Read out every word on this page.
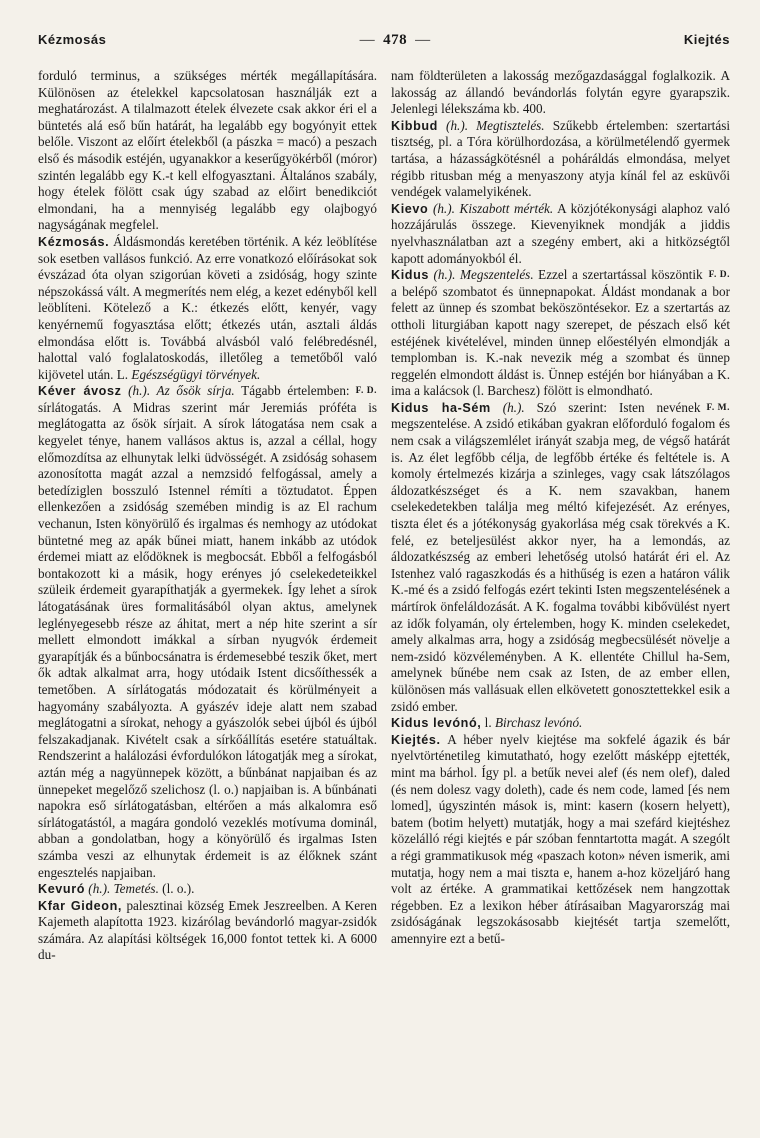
Kézmosás
—	478 —	Kiejtés

forduló terminus, a szükséges mérték megállapítására. Különösen az ételekkel kapcsolatosan használják ezt a meghatározást. A tilalmazott ételek élvezete csak akkor éri el a büntetés alá eső bűn határát, ha legalább egy bogyónyit ettek belőle. Viszont az előírt ételekből (a pászka = macó) a peszach első és második estéjén, ugyanakkor a keserűgyökérből (móror) szintén legalább egy K.-t kell elfogyasztani. Általános szabály, hogy ételek fölött csak úgy szabad az előirt benedikciót elmondani, ha a mennyiség legalább egy olajbogyó nagyságának megfelel.

Kézmosás. Áldásmondás keretében történik. A kéz leöblítése sok esetben vallásos funkció. Az erre vonatkozó előírásokat sok évszázad óta olyan szigorúan követi a zsidóság, hogy szinte népszokássá vált. A megmerítés nem elég, a kezet edényből kell leöblíteni. Kötelező a K.: étkezés előtt, kenyér, vagy kenyérnemű fogyasztása előtt; étkezés után, asztali áldás elmondása előtt is. Továbbá alvásból való felébredésnél, halottal való foglalatoskodás, illetőleg a temetőből való kijövetel után. L. Egészségügyi törvények.

F. D.
Kéver ávosz (h.). Az ősök sírja. Tágabb értelemben: sírlátogatás. A Midras szerint már Jeremiás próféta is meglátogatta az ősök sírjait. A sírok látogatása nem csak a kegyelet ténye, hanem vallásos aktus is, azzal a céllal, hogy előmozdítsa az elhunytak lelki üdvösségét. A zsidóság sohasem azonosította magát azzal a nemzsidó felfogással, amely a betedíziglen bosszuló Istennel rémíti a töztudatot. Éppen ellenkezően a zsidóság szemében mindig is az El rachum vechanun, Isten könyörülő és irgalmas és nemhogy az utódokat büntetné meg az apák bűnei miatt, hanem inkább az utódok érdemei miatt az elődöknek is megbocsát. Ebből a felfogásból bontakozott ki a másik, hogy erényes jó cselekedeteikkel szüleik érdemeit gyarapíthatják a gyermekek. Így lehet a sírok látogatásának üres formalitásából olyan aktus, amelynek leglényegesebb része az áhitat, mert a nép hite szerint a sír mellett elmondott imákkal a sírban nyugvók érdemeit gyarapítják és a bűnbocsánatra is érdemesebbé teszik őket, mert ők adtak alkalmat arra, hogy utódaik Istent dicsőíthessék a temetőben. A sírlátogatás módozatait és körülményeit a hagyomány szabályozta. A gyászév ideje alatt nem szabad meglátogatni a sírokat, nehogy a gyászolók sebei újból és újból felszakadjanak. Kivételt csak a sírkőállítás esetére statuáltak. Rendszerint a halálozási évfordulókon látogatják meg a sírokat, aztán még a nagyünnepek között, a bűnbánat napjaiban és az ünnepeket megelőző szelichosz (l. o.) napjaiban is. A bűnbánati napokra eső sírlátogatásban, eltérően a más alkalomra eső sírlátogatástól, a magára gondoló vezeklés motívuma dominál, abban a gondolatban, hogy a könyörülő és irgalmas Isten számba veszi az elhunytak érdemeit is az élőknek szánt engesztelés napjaiban.

Kevuró (h.). Temetés. (l. o.).

Kfar Gideon, palesztinai község Emek Jeszreelben. A Keren Kajemeth alapította 1923. kizárólag bevándorló magyar-zsidók számára. Az alapítási költségek 16,000 fontot tettek ki. A 6000 du-

nam földterületen a lakosság mezőgazdasággal foglalkozik. A lakosság az állandó bevándorlás folytán egyre gyarapszik. Jelenlegi lélekszáma kb. 400.

Kibbud (h.). Megtisztelés. Szűkebb értelemben: szertartási tisztség, pl. a Tóra körülhordozása, a körülmetélendő gyermek tartása, a házasságkötésnél a poháráldás elmondása, melyet régibb ritusban még a menyaszony atyja kínál fel az esküvői vendégek valamelyikének.

Kievo (h.). Kiszabott mérték. A közjótékonysági alaphoz való hozzájárulás összege. Kievenyiknek mondják a jiddis nyelvhasználatban azt a szegény embert, aki a hitközségtől kapott adományokból él.

F. D.
Kidus (h.). Megszentelés. Ezzel a szertartással köszöntik a belépő szombatot és ünnepnapokat. Áldást mondanak a bor felett az ünnep és szombat beköszöntésekor. Ez a szertartás az ottholi liturgiában kapott nagy szerepet, de pészach első két estéjének kivételével, minden ünnep előestélyén elmondják a templomban is. K.-nak nevezik még a szombat és ünnep reggelén elmondott áldást is. Ünnep estéjén bor hiányában a K. ima a kalácsok (l. Barchesz) fölött is elmondható.

F. M.
Kidus ha-Sém (h.). Szó szerint: Isten nevének megszentelése. A zsidó etikában gyakran előforduló fogalom és nem csak a világszemlélet irányát szabja meg, de végső határát is. Az élet legfőbb célja, de legfőbb értéke és feltétele is. A komoly értelmezés kizárja a szinleges, vagy csak látszólagos áldozatkészséget és a K. nem szavakban, hanem cselekedetekben találja meg méltó kifejezését. Az erényes, tiszta élet és a jótékonyság gyakorlása még csak törekvés a K. felé, ez beteljesülést akkor nyer, ha a lemondás, az áldozatkészség az emberi lehetőség utolsó határát éri el. Az Istenhez való ragaszkodás és a hithűség is ezen a határon válik K.-mé és a zsidó felfogás ezért tekinti Isten megszentelésének a mártírok önfeláldozását. A K. fogalma további kibővülést nyert az idők folyamán, oly értelemben, hogy K. minden cselekedet, amely alkalmas arra, hogy a zsidóság megbecsülését növelje a nem-zsidó közvéleményben. A K. ellentéte Chillul ha-Sem, amelynek bűnébe nem csak az Isten, de az ember ellen, különösen más vallásuak ellen elkövetett gonosztettekkel esik a zsidó ember.

Kidus levónó, l. Birchasz levónó.

Kiejtés. A héber nyelv kiejtése ma sokfelé ágazik és bár nyelvtörténetileg kimutatható, hogy ezelőtt másképp ejtették, mint ma bárhol. Így pl. a betűk nevei alef (és nem olef), daled (és nem dolesz vagy doleth), cade és nem code, lamed [és nem lomed], úgyszintén mások is, mint: kasern (kosern helyett), batem (botim helyett) mutatják, hogy a mai szefárd kiejtéshez közelálló régi kiejtés e pár szóban fenntartotta magát. A szególt a régi grammatikusok még «paszach koton» néven ismerik, ami mutatja, hogy nem a mai tiszta e, hanem a-hoz közeljáró hang volt az értéke. A grammatikai kettőzések nem hangzottak régebben. Ez a lexikon héber átírásaiban Magyarország mai zsidóságának legszokásosabb kiejtését tartja szemelőtt, amennyire ezt a betű-
